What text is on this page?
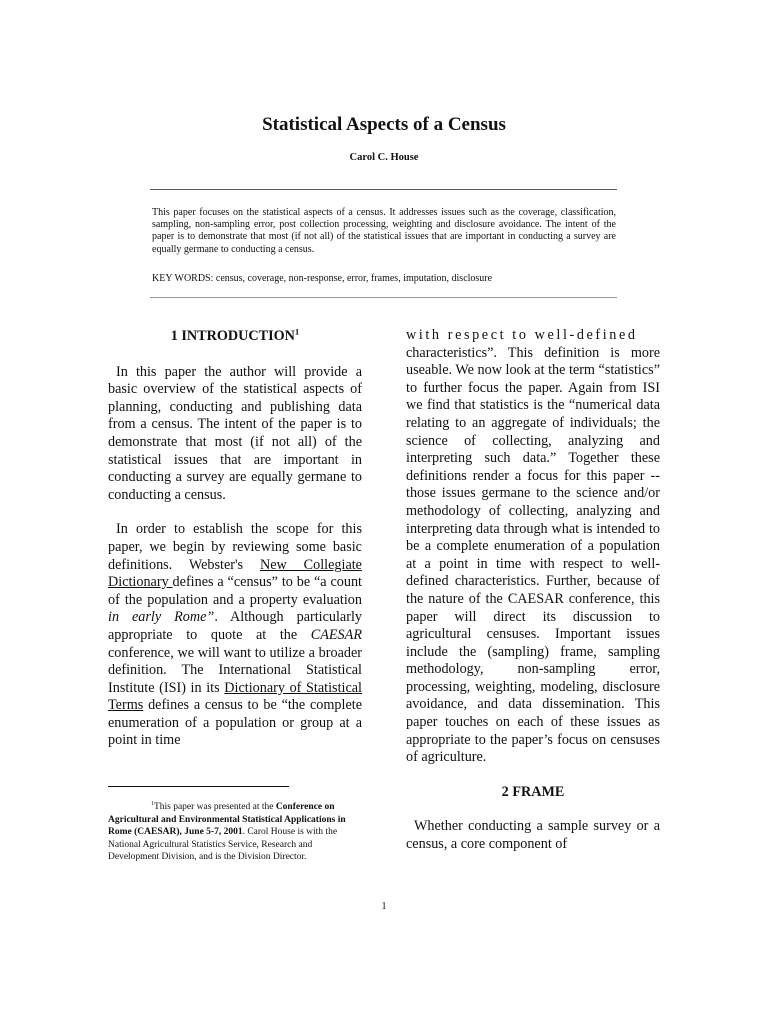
Statistical Aspects of a Census
Carol C. House

This paper focuses on the statistical aspects of a census. It addresses issues such as the coverage, classification, sampling, non-sampling error, post collection processing, weighting and disclosure avoidance. The intent of the paper is to demonstrate that most (if not all) of the statistical issues that are important in conducting a survey are equally germane to conducting a census.

KEY WORDS: census, coverage, non-response, error, frames, imputation, disclosure

1 INTRODUCTION$^1$

In this paper the author will provide a basic overview of the statistical aspects of planning, conducting and publishing data from a census. The intent of the paper is to demonstrate that most (if not all) of the statistical issues that are important in conducting a survey are equally germane to conducting a census.

In order to establish the scope for this paper, we begin by reviewing some basic definitions. Webster's New Collegiate Dictionary defines a “census” to be “a count of the population and a property evaluation in early Rome”. Although particularly appropriate to quote at the CAESAR conference, we will want to utilize a broader definition. The International Statistical Institute (ISI) in its Dictionary of Statistical Terms defines a census to be “the complete enumeration of a population or group at a point in time

with respect to well-defined

characteristics”. This definition is more useable. We now look at the term “statistics” to further focus the paper. Again from ISI we find that statistics is the “numerical data relating to an aggregate of individuals; the science of collecting, analyzing and interpreting such data.” Together these definitions render a focus for this paper -- those issues germane to the science and/or methodology of collecting, analyzing and interpreting data through what is intended to be a complete enumeration of a population at a point in time with respect to well-defined characteristics. Further, because of the nature of the CAESAR conference, this paper will direct its discussion to agricultural censuses. Important issues include the (sampling) frame, sampling methodology, non-sampling error, processing, weighting, modeling, disclosure avoidance, and data dissemination. This paper touches on each of these issues as appropriate to the paper’s focus on censuses of agriculture.

2 FRAME

Whether conducting a sample survey or a census, a core component of

$^1$This paper was presented at the Conference on Agricultural and Environmental Statistical Applications in Rome (CAESAR), June 5-7, 2001. Carol House is with the National Agricultural Statistics Service, Research and Development Division, and is the Division Director.

1
